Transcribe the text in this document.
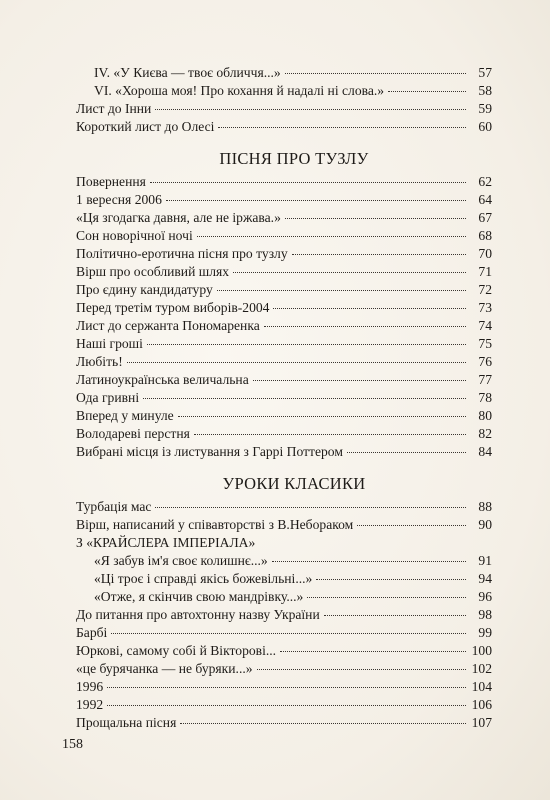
IV. «У Києва — твоє обличчя...»	57
VI. «Хороша моя! Про кохання й надалі ні слова.»	58
Лист до Інни	59
Короткий лист до Олесі	60
ПІСНЯ ПРО ТУЗЛУ
Повернення	62
1 вересня 2006	64
«Ця згодагка давня, але не іржава.»	67
Сон новорічної ночі	68
Політично-еротична пісня про тузлу	70
Вірш про особливий шлях	71
Про єдину кандидатуру	72
Перед третім туром виборів-2004	73
Лист до сержанта Пономаренка	74
Наші гроші	75
Любіть!	76
Латиноукраїнська величальна	77
Ода гривні	78
Вперед у минуле	80
Володареві перстня	82
Вибрані місця із листування з Гаррі Поттером	84
УРОКИ КЛАСИКИ
Турбація мас	88
Вірш, написаний у співавторстві з В.Небораком	90
З «КРАЙСЛЕРА ІМПЕРІАЛА»
«Я забув ім'я своє колишнє...»	91
«Ці троє і справді якісь божевільні...»	94
«Отже, я скінчив свою мандрівку...»	96
До питання про автохтонну назву України	98
Барбі	99
Юркові, самому собі й Вікторові...	100
«це бурячанка — не буряки...»	102
1996	104
1992	106
Прощальна пісня	107
158
